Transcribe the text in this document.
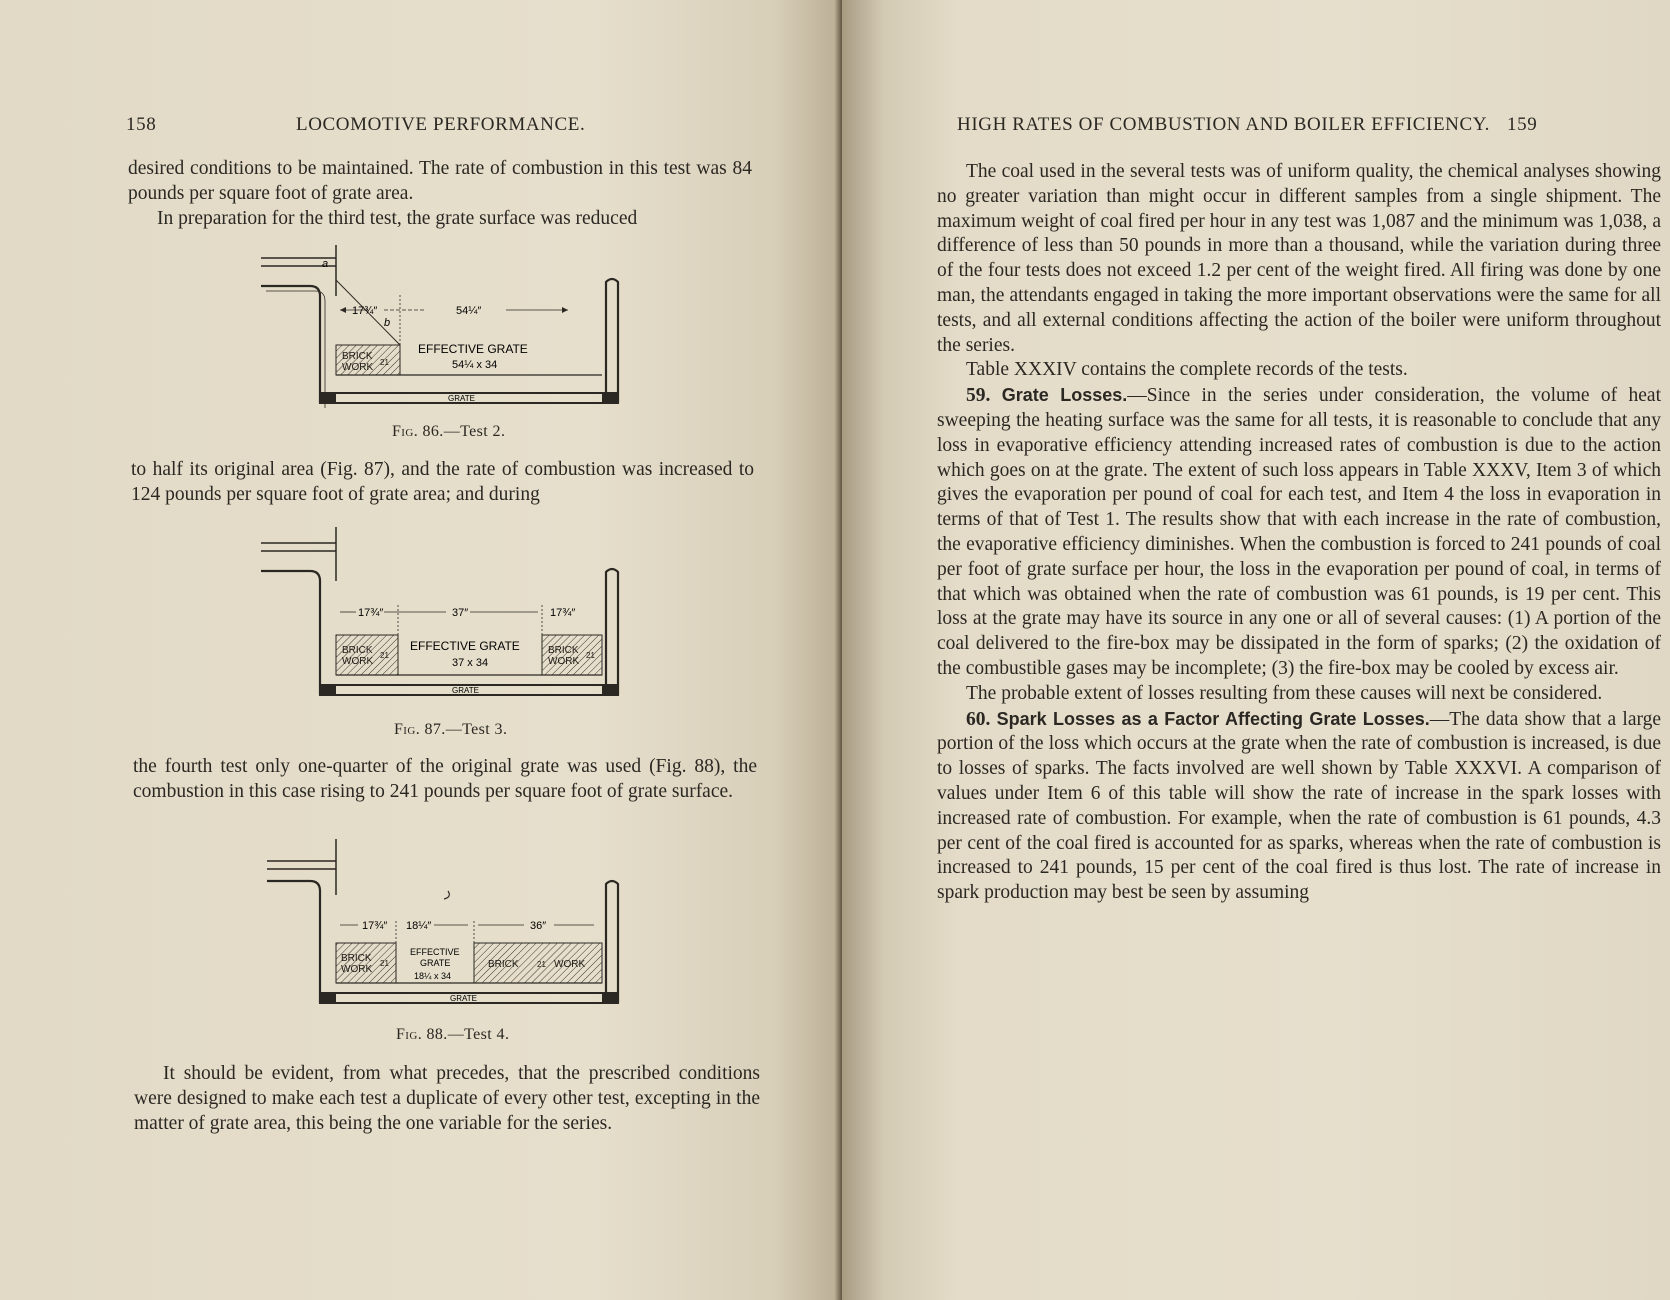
158	LOCOMOTIVE PERFORMANCE.

desired conditions to be maintained. The rate of combustion in this test was 84 pounds per square foot of grate area.

In preparation for the third test, the grate surface was reduced

a
b
17¾″	54¼″
BRICK
WORK 21
EFFECTIVE GRATE
54¼ x 34
GRATE
Fig. 86.—Test 2.

to half its original area (Fig. 87), and the rate of combustion was increased to 124 pounds per square foot of grate area; and during

17¾″	37″	17¾″
BRICK
WORK
21	BRICK
WORK
21
EFFECTIVE GRATE
37 x 34
GRATE
Fig. 87.—Test 3.

the fourth test only one-quarter of the original grate was used (Fig. 88), the combustion in this case rising to 241 pounds per square foot of grate surface.

17¾″ 18¼″	36″
BRICK
WORK
21	BRICK 21 WORK
EFFECTIVE
GRATE
18¼ x 34
GRATE
Fig. 88.—Test 4.

It should be evident, from what precedes, that the prescribed conditions were designed to make each test a duplicate of every other test, excepting in the matter of grate area, this being the one variable for the series.

HIGH RATES OF COMBUSTION AND BOILER EFFICIENCY. 159

The coal used in the several tests was of uniform quality, the chemical analyses showing no greater variation than might occur in different samples from a single shipment. The maximum weight of coal fired per hour in any test was 1,087 and the minimum was 1,038, a difference of less than 50 pounds in more than a thousand, while the variation during three of the four tests does not exceed 1.2 per cent of the weight fired. All firing was done by one man, the attendants engaged in taking the more important observations were the same for all tests, and all external conditions affecting the action of the boiler were uniform throughout the series.

Table XXXIV contains the complete records of the tests.

59. Grate Losses.—Since in the series under consideration, the volume of heat sweeping the heating surface was the same for all tests, it is reasonable to conclude that any loss in evaporative efficiency attending increased rates of combustion is due to the action which goes on at the grate. The extent of such loss appears in Table XXXV, Item 3 of which gives the evaporation per pound of coal for each test, and Item 4 the loss in evaporation in terms of that of Test 1. The results show that with each increase in the rate of combustion, the evaporative efficiency diminishes. When the combustion is forced to 241 pounds of coal per foot of grate surface per hour, the loss in the evaporation per pound of coal, in terms of that which was obtained when the rate of combustion was 61 pounds, is 19 per cent. This loss at the grate may have its source in any one or all of several causes: (1) A portion of the coal delivered to the fire-box may be dissipated in the form of sparks; (2) the oxidation of the combustible gases may be incomplete; (3) the fire-box may be cooled by excess air.

The probable extent of losses resulting from these causes will next be considered.

60. Spark Losses as a Factor Affecting Grate Losses.—The data show that a large portion of the loss which occurs at the grate when the rate of combustion is increased, is due to losses of sparks. The facts involved are well shown by Table XXXVI. A comparison of values under Item 6 of this table will show the rate of increase in the spark losses with increased rate of combustion. For example, when the rate of combustion is 61 pounds, 4.3 per cent of the coal fired is accounted for as sparks, whereas when the rate of combustion is increased to 241 pounds, 15 per cent of the coal fired is thus lost. The rate of increase in spark production may best be seen by assuming
